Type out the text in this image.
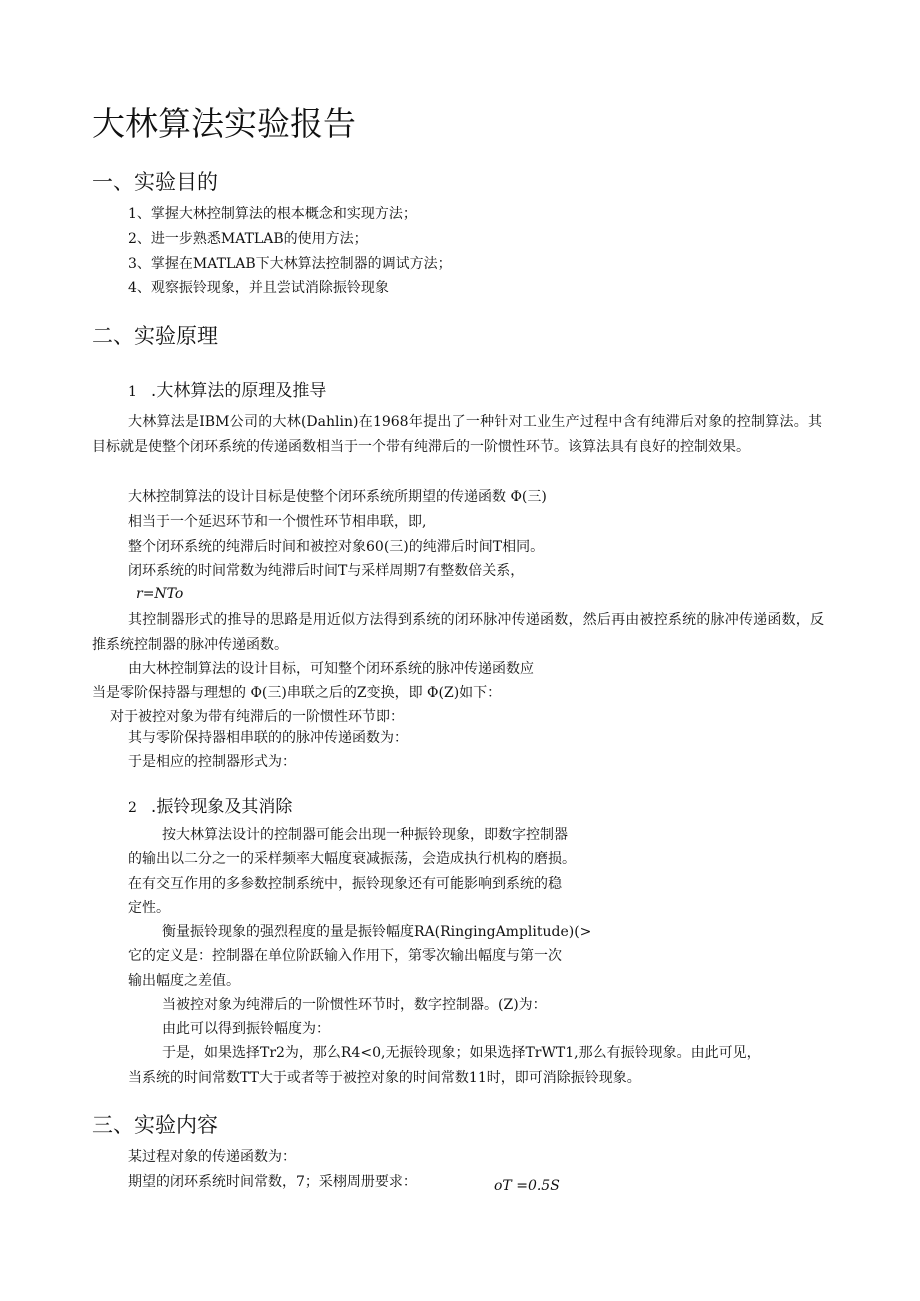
大林算法实验报告
一、实验目的
1、掌握大林控制算法的根本概念和实现方法；
2、进一步熟悉MATLAB的使用方法；
3、掌握在MATLAB下大林算法控制器的调试方法；
4、观察振铃现象，并且尝试消除振铃现象
二、实验原理
1 .大林算法的原理及推导
大林算法是IBM公司的大林(Dahlin)在1968年提出了一种针对工业生产过程中含有纯滞后对象的控制算法。其目标就是使整个闭环系统的传递函数相当于一个带有纯滞后的一阶惯性环节。该算法具有良好的控制效果。
大林控制算法的设计目标是使整个闭环系统所期望的传递函数 Φ(三)
相当于一个延迟环节和一个惯性环节相串联，即,
整个闭环系统的纯滞后时间和被控对象60(三)的纯滞后时间T相同。
闭环系统的时间常数为纯滞后时间T与采样周期7有整数倍关系，
r=NTo
其控制器形式的推导的思路是用近似方法得到系统的闭环脉冲传递函数，然后再由被控系统的脉冲传递函数，反推系统控制器的脉冲传递函数。
由大林控制算法的设计目标，可知整个闭环系统的脉冲传递函数应
当是零阶保持器与理想的 Φ(三)串联之后的Z变换，即 Φ(Z)如下：
对于被控对象为带有纯滞后的一阶惯性环节即：
其与零阶保持器相串联的的脉冲传递函数为：
于是相应的控制器形式为：
2 .振铃现象及其消除
按大林算法设计的控制器可能会出现一种振铃现象，即数字控制器
的输出以二分之一的采样频率大幅度衰减振荡，会造成执行机构的磨损。
在有交互作用的多参数控制系统中，振铃现象还有可能影响到系统的稳
定性。
衡量振铃现象的强烈程度的量是振铃幅度RA(RingingAmplitude)(>
它的定义是：控制器在单位阶跃输入作用下，第零次输出幅度与第一次
输出幅度之差值。
当被控对象为纯滞后的一阶惯性环节时，数字控制器。(Z)为：
由此可以得到振铃幅度为：
于是，如果选择Tr2为，那么R4<0,无振铃现象；如果选择TrWT1,那么有振铃现象。由此可见，
当系统的时间常数TT大于或者等于被控对象的时间常数11时，即可消除振铃现象。
三、实验内容
某过程对象的传递函数为：
期望的闭环系统时间常数，7；采栩周册要求：	oT =0.5S
